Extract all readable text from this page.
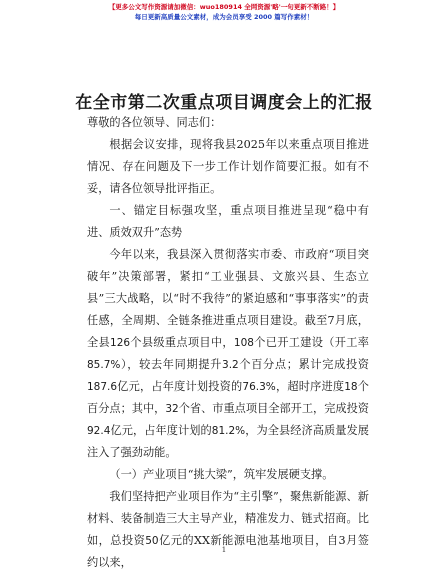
【更多公文写作资源请加微信：wuo180914 全网资源'略'一句更新不断路！】
每日更新高质量公文素材，成为会员享受 2000 篇写作素材！
在全市第二次重点项目调度会上的汇报

尊敬的各位领导、同志们：

根据会议安排，现将我县2025年以来重点项目推进情况、存在问题及下一步工作计划作简要汇报。如有不妥，请各位领导批评指正。

一、锚定目标强攻坚，重点项目推进呈现“稳中有进、质效双升”态势

今年以来，我县深入贯彻落实市委、市政府“项目突破年”决策部署，紧扣“工业强县、文旅兴县、生态立县”三大战略，以“时不我待”的紧迫感和“事事落实”的责任感，全周期、全链条推进重点项目建设。截至7月底，全县126个县级重点项目中，108个已开工建设（开工率85.7%），较去年同期提升3.2个百分点；累计完成投资187.6亿元，占年度计划投资的76.3%，超时序进度18个百分点；其中，32个省、市重点项目全部开工，完成投资92.4亿元，占年度计划的81.2%，为全县经济高质量发展注入了强劲动能。

（一）产业项目“挑大梁”，筑牢发展硬支撑。

我们坚持把产业项目作为“主引擎”，聚焦新能源、新材料、装备制造三大主导产业，精准发力、链式招商。比如，总投资50亿元的XX新能源电池基地项目，自3月签约以来，

1
